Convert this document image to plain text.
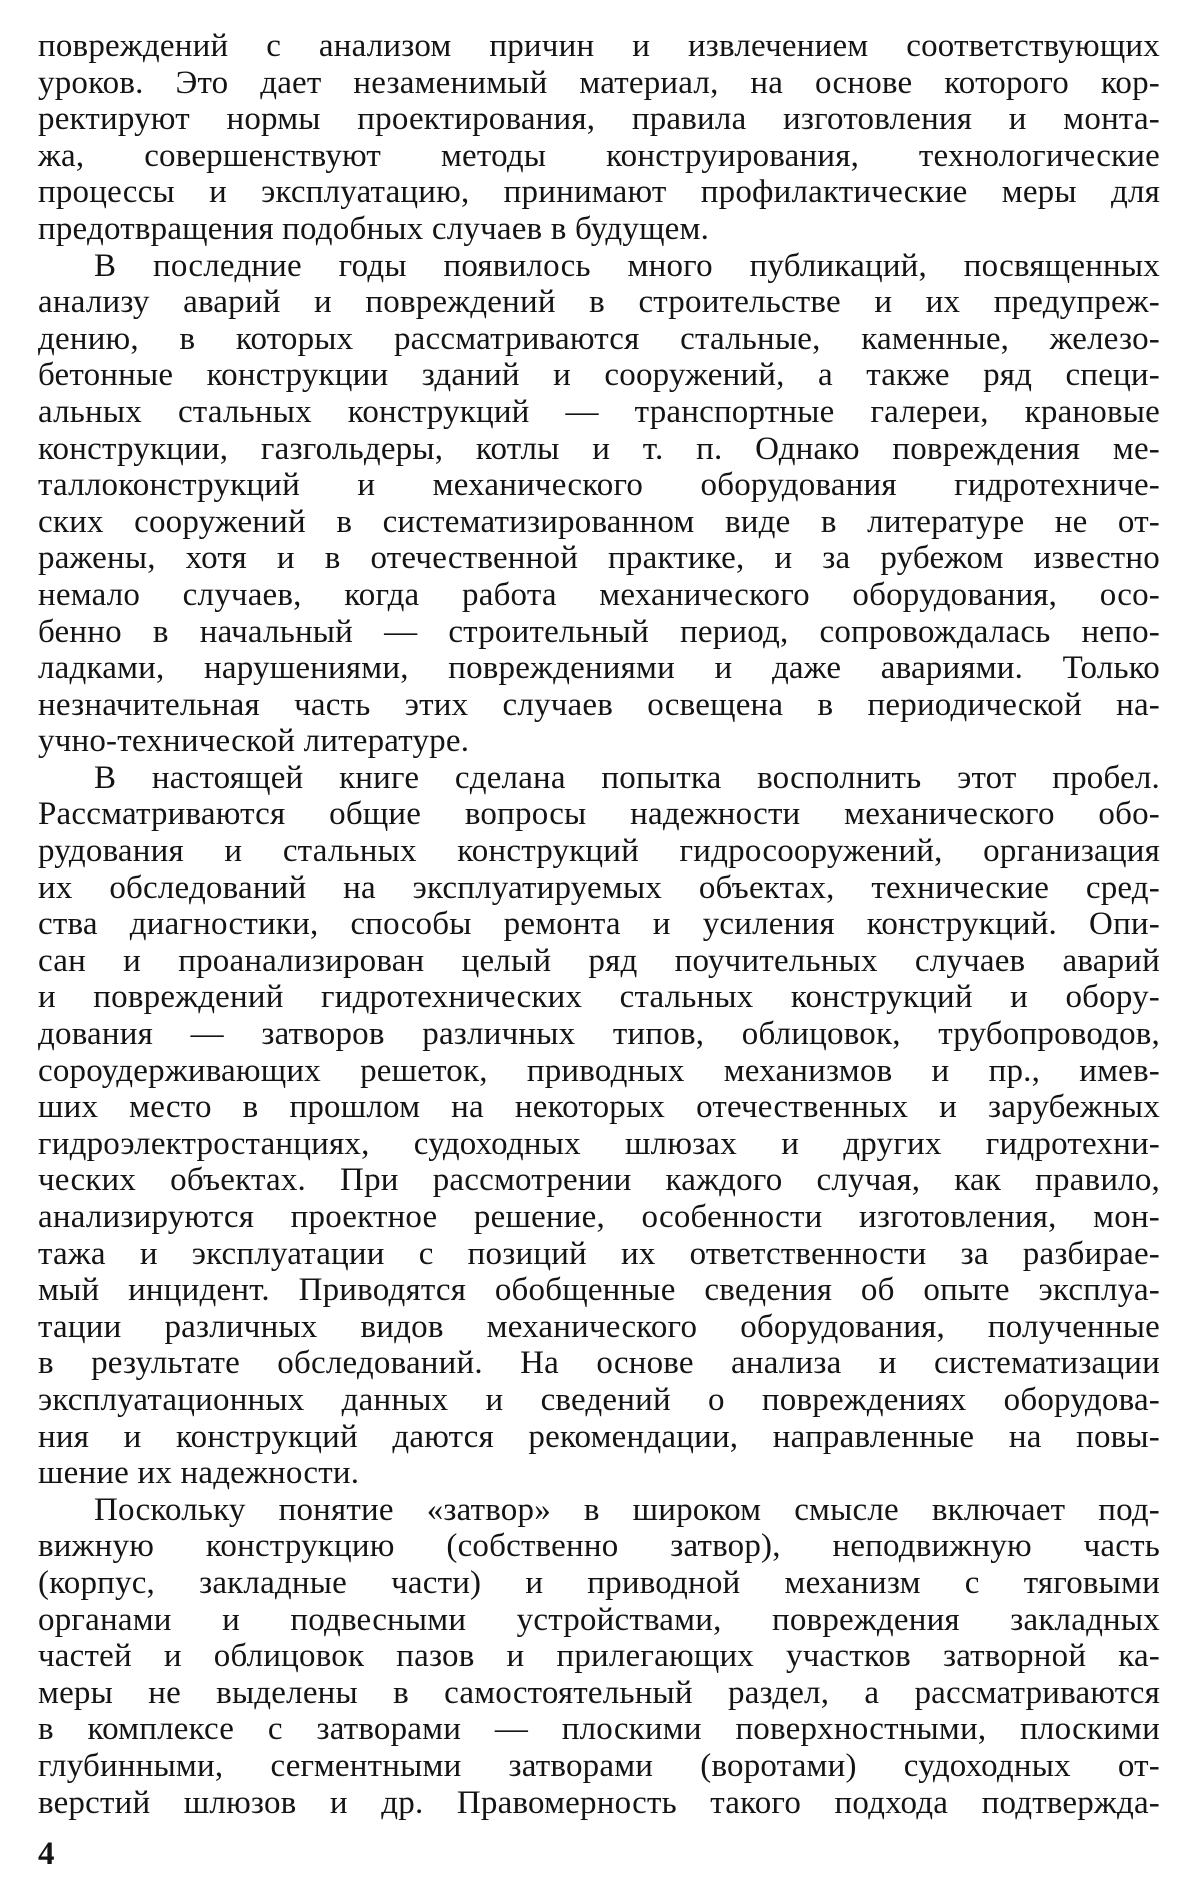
повреждений с анализом причин и извлечением соответствующих
уроков. Это дает незаменимый материал, на основе которого кор-
ректируют нормы проектирования, правила изготовления и монта-
жа, совершенствуют методы конструирования, технологические
процессы и эксплуатацию, принимают профилактические меры для
предотвращения подобных случаев в будущем.
В последние годы появилось много публикаций, посвященных
анализу аварий и повреждений в строительстве и их предупреж-
дению, в которых рассматриваются стальные, каменные, железо-
бетонные конструкции зданий и сооружений, а также ряд специ-
альных стальных конструкций — транспортные галереи, крановые
конструкции, газгольдеры, котлы и т. п. Однако повреждения ме-
таллоконструкций и механического оборудования гидротехниче-
ских сооружений в систематизированном виде в литературе не от-
ражены, хотя и в отечественной практике, и за рубежом известно
немало случаев, когда работа механического оборудования, осо-
бенно в начальный — строительный период, сопровождалась непо-
ладками, нарушениями, повреждениями и даже авариями. Только
незначительная часть этих случаев освещена в периодической на-
учно-технической литературе.
В настоящей книге сделана попытка восполнить этот пробел.
Рассматриваются общие вопросы надежности механического обо-
рудования и стальных конструкций гидросооружений, организация
их обследований на эксплуатируемых объектах, технические сред-
ства диагностики, способы ремонта и усиления конструкций. Опи-
сан и проанализирован целый ряд поучительных случаев аварий
и повреждений гидротехнических стальных конструкций и обору-
дования — затворов различных типов, облицовок, трубопроводов,
сороудерживающих решеток, приводных механизмов и пр., имев-
ших место в прошлом на некоторых отечественных и зарубежных
гидроэлектростанциях, судоходных шлюзах и других гидротехни-
ческих объектах. При рассмотрении каждого случая, как правило,
анализируются проектное решение, особенности изготовления, мон-
тажа и эксплуатации с позиций их ответственности за разбирае-
мый инцидент. Приводятся обобщенные сведения об опыте эксплуа-
тации различных видов механического оборудования, полученные
в результате обследований. На основе анализа и систематизации
эксплуатационных данных и сведений о повреждениях оборудова-
ния и конструкций даются рекомендации, направленные на повы-
шение их надежности.
Поскольку понятие «затвор» в широком смысле включает под-
вижную конструкцию (собственно затвор), неподвижную часть
(корпус, закладные части) и приводной механизм с тяговыми
органами и подвесными устройствами, повреждения закладных
частей и облицовок пазов и прилегающих участков затворной ка-
меры не выделены в самостоятельный раздел, а рассматриваются
в комплексе с затворами — плоскими поверхностными, плоскими
глубинными, сегментными затворами (воротами) судоходных от-
верстий шлюзов и др. Правомерность такого подхода подтвержда-
4
